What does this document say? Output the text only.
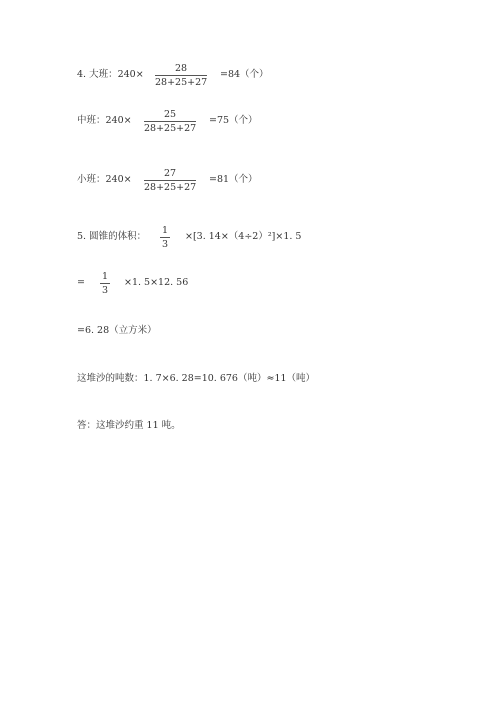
4. 大班：240×
28
28+25+27
=84（个）
中班：240×
25
28+25+27
=75（个）
小班：240×
27
28+25+27
=81（个）
5. 圆锥的体积：
1
3
×[3. 14×（4÷2）²]×1. 5
=
1
3
×1. 5×12. 56
=6. 28（立方米）
这堆沙的吨数：1. 7×6. 28=10. 676（吨）≈11（吨）
答：这堆沙约重 11 吨。
